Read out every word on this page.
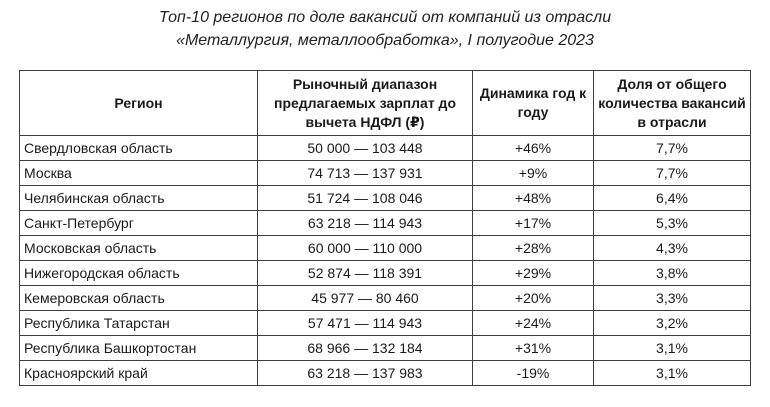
Топ-10 регионов по доле вакансий от компаний из отрасли
«Металлургия, металлообработка», I полугодие 2023
Регион	Рыночный диапазон предлагаемых зарплат до вычета НДФЛ (₽)	Динамика год к году	Доля от общего количества вакансий в отрасли
Свердловская область	50 000 — 103 448	+46%	7,7%
Москва	74 713 — 137 931	+9%	7,7%
Челябинская область	51 724 — 108 046	+48%	6,4%
Санкт-Петербург	63 218 — 114 943	+17%	5,3%
Московская область	60 000 — 110 000	+28%	4,3%
Нижегородская область	52 874 — 118 391	+29%	3,8%
Кемеровская область	45 977 — 80 460	+20%	3,3%
Республика Татарстан	57 471 — 114 943	+24%	3,2%
Республика Башкортостан	68 966 — 132 184	+31%	3,1%
Красноярский край	63 218 — 137 983	-19%	3,1%
